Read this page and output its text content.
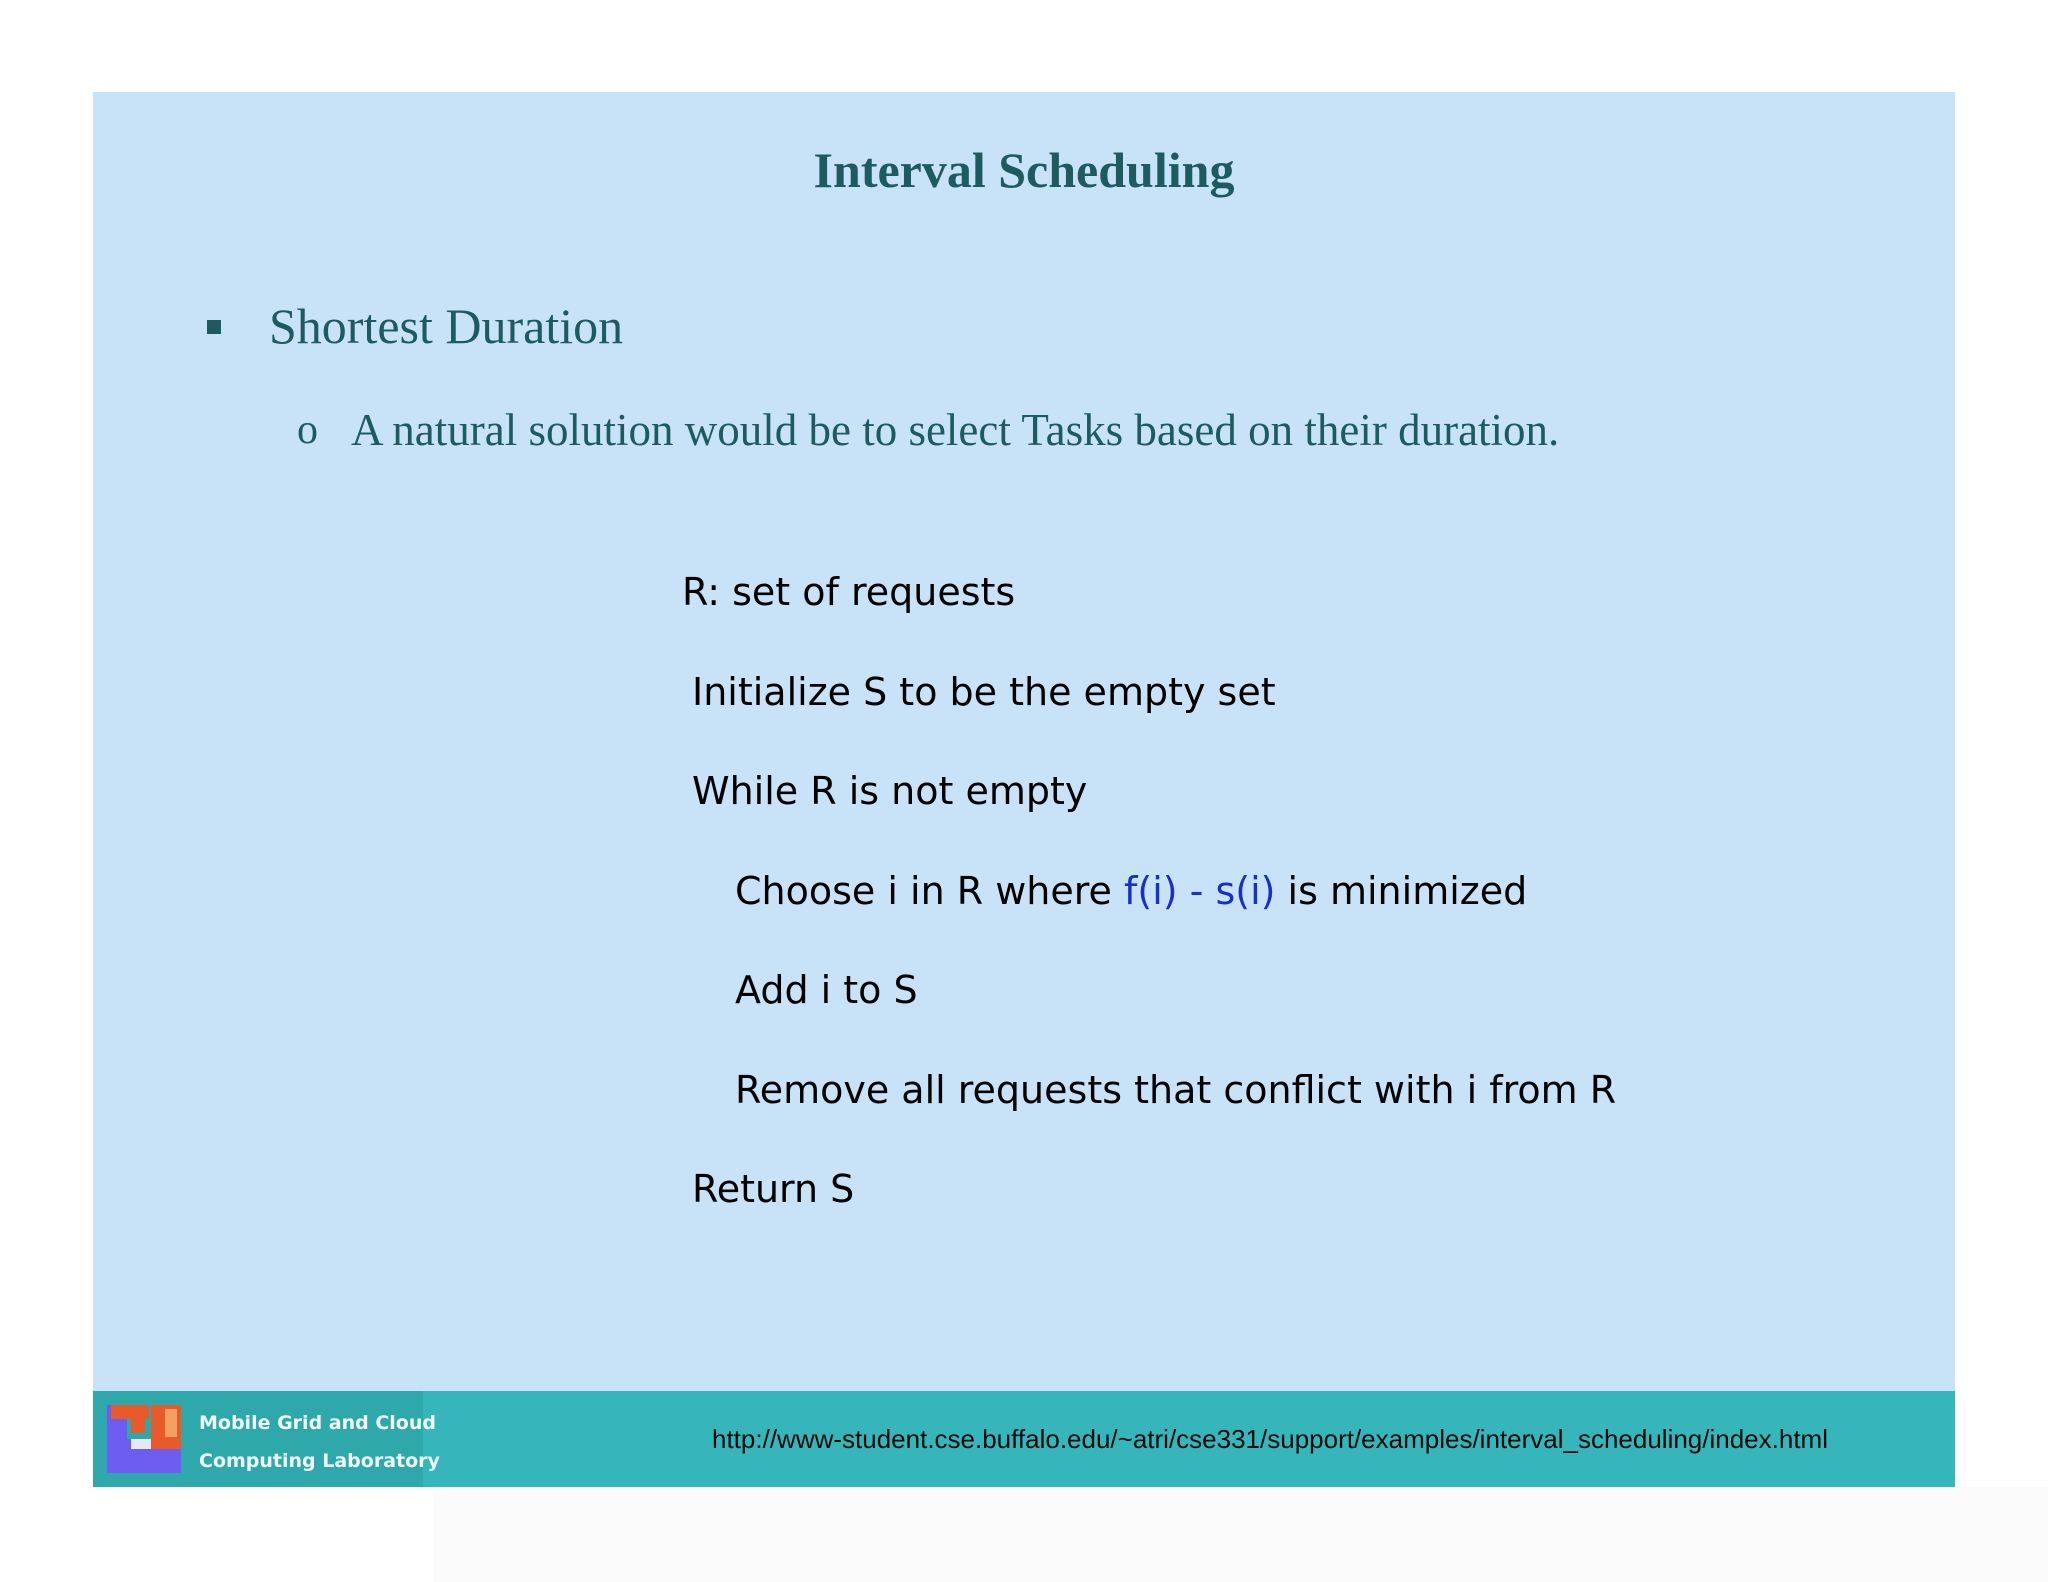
Interval Scheduling
Shortest Duration
o A natural solution would be to select Tasks based on their duration.
R: set of requests
Initialize S to be the empty set
While R is not empty
Choose i in R where f(i) - s(i) is minimized
Add i to S
Remove all requests that conflict with i from R
Return S
Mobile Grid and Cloud
Computing Laboratory
http://www-student.cse.buffalo.edu/~atri/cse331/support/examples/interval_scheduling/index.html
